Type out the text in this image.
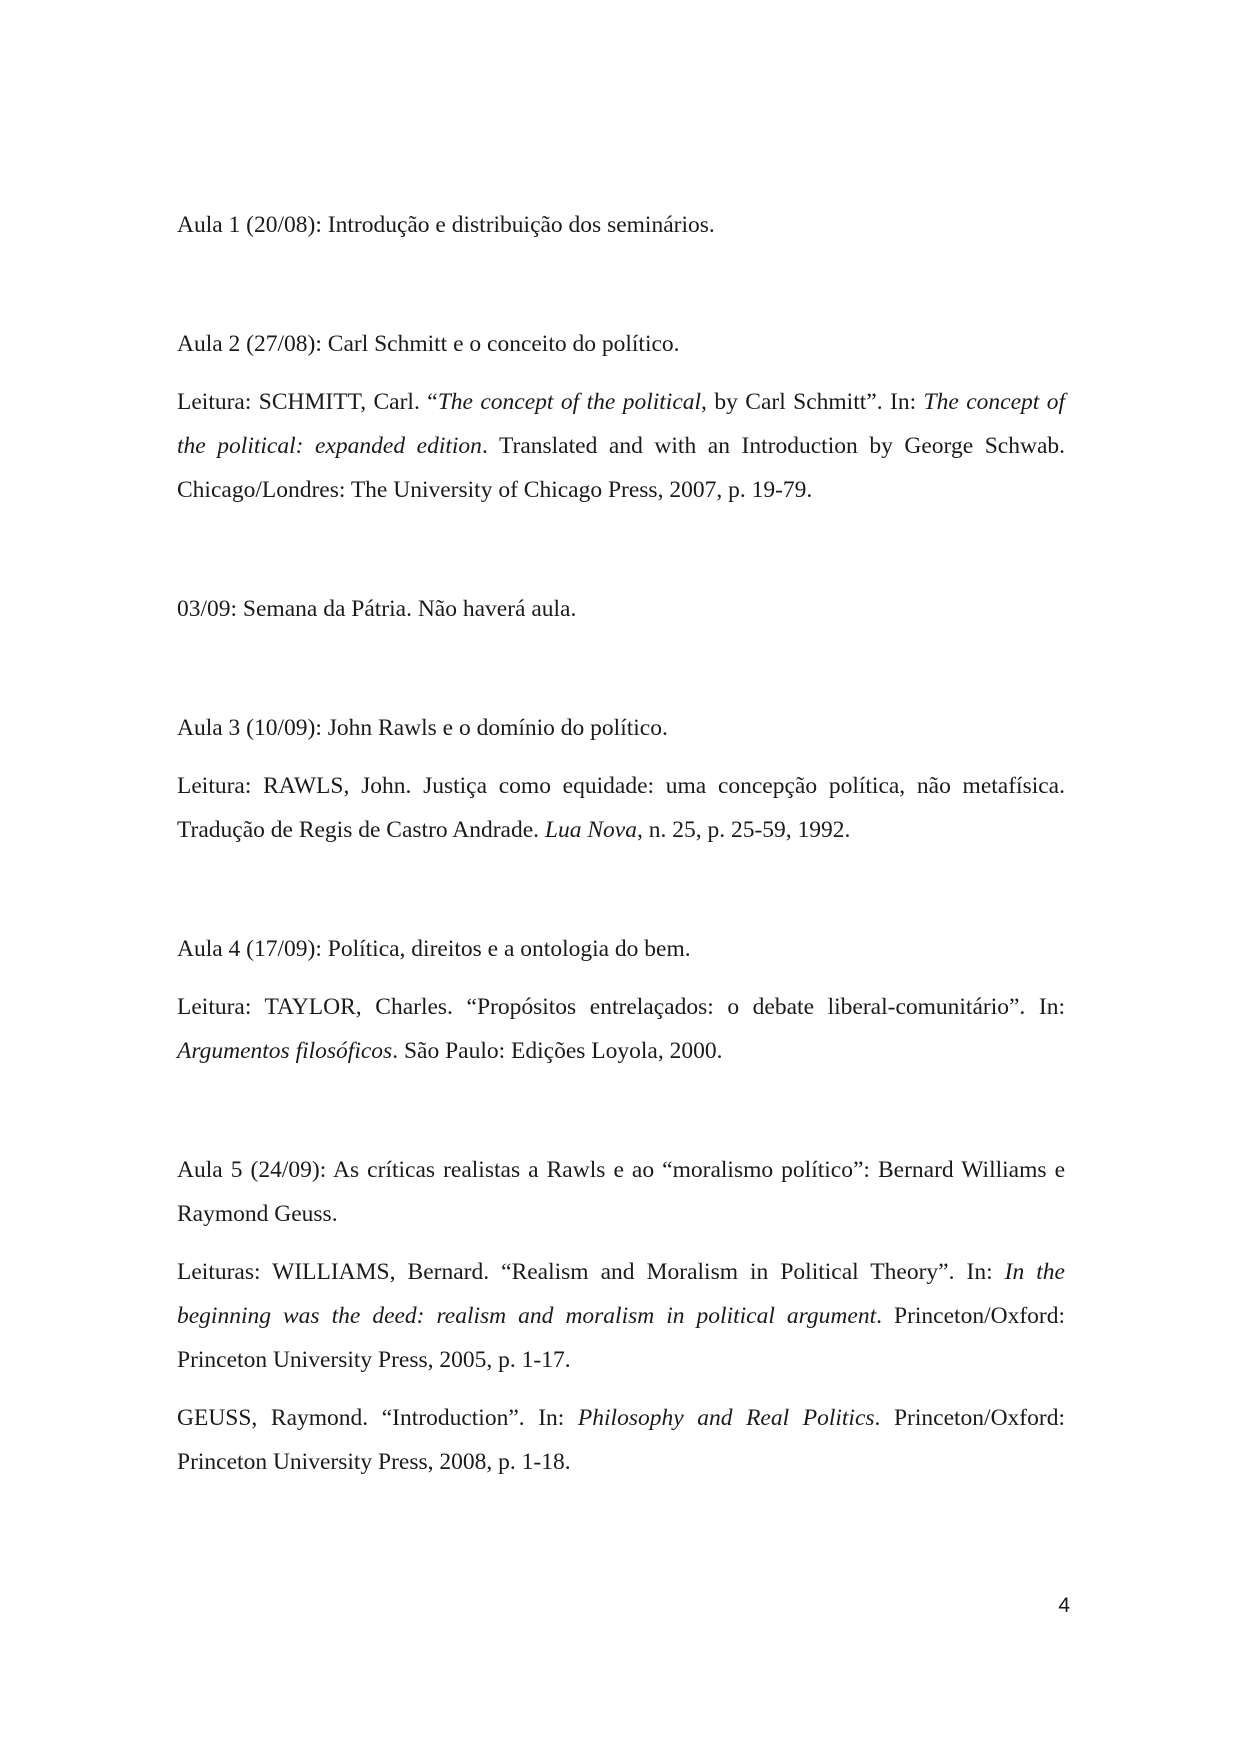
Aula 1 (20/08): Introdução e distribuição dos seminários.

Aula 2 (27/08): Carl Schmitt e o conceito do político.

Leitura: SCHMITT, Carl. “The concept of the political, by Carl Schmitt”. In: The concept of the political: expanded edition. Translated and with an Introduction by George Schwab. Chicago/Londres: The University of Chicago Press, 2007, p. 19-79.

03/09: Semana da Pátria. Não haverá aula.

Aula 3 (10/09): John Rawls e o domínio do político.

Leitura: RAWLS, John. Justiça como equidade: uma concepção política, não metafísica. Tradução de Regis de Castro Andrade. Lua Nova, n. 25, p. 25-59, 1992.

Aula 4 (17/09): Política, direitos e a ontologia do bem.

Leitura: TAYLOR, Charles. “Propósitos entrelaçados: o debate liberal-comunitário”. In: Argumentos filosóficos. São Paulo: Edições Loyola, 2000.

Aula 5 (24/09): As críticas realistas a Rawls e ao “moralismo político”: Bernard Williams e Raymond Geuss.

Leituras: WILLIAMS, Bernard. “Realism and Moralism in Political Theory”. In: In the beginning was the deed: realism and moralism in political argument. Princeton/Oxford: Princeton University Press, 2005, p. 1-17.

GEUSS, Raymond. “Introduction”. In: Philosophy and Real Politics. Princeton/Oxford: Princeton University Press, 2008, p. 1-18.

4
